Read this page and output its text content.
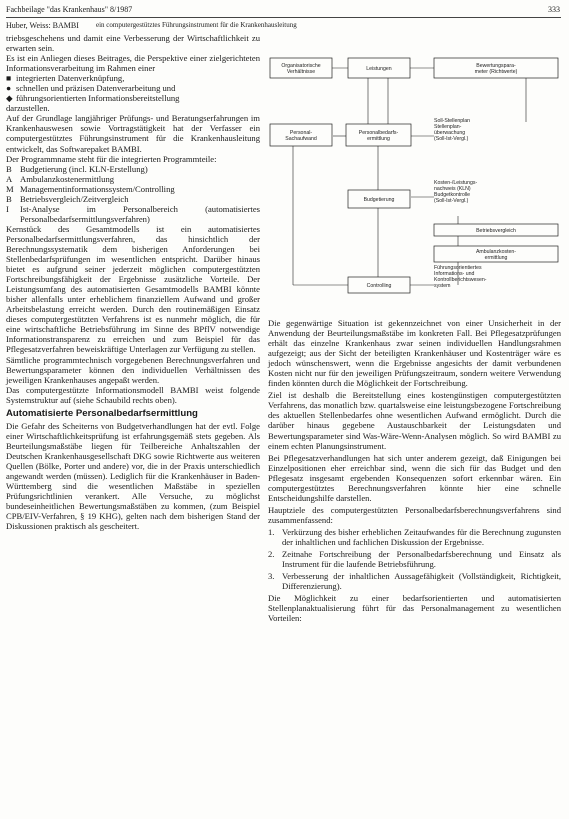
Fachbeilage "das Krankenhaus" 8/1987	333
Huber, Weiss: BAMBI ein computergestütztes Führungsinstrument für die Krankenhausleitung

triebsgeschehens und damit eine Verbesserung der Wirtschaftlichkeit zu erwarten sein.

Es ist ein Anliegen dieses Beitrages, die Perspektive einer zielgerichteten Informationsverarbeitung im Rahmen einer

■ integrierten Datenverknüpfung,
● schnellen und präzisen Datenverarbeitung und
◆ führungsorientierten Informationsbereitstellung

darzustellen.

Auf der Grundlage langjähriger Prüfungs- und Beratungserfahrungen im Krankenhauswesen sowie Vortragstätigkeit hat der Verfasser ein computergestütztes Führungsinstrument für die Krankenhausleitung entwickelt, das Softwarepaket BAMBI.

Der Programmname steht für die integrierten Programmteile:

B Budgetierung (incl. KLN-Erstellung)
A Ambulanzkostenermittlung
M Managementinformationssystem/Controlling
B Betriebsvergleich/Zeitvergleich
I	Ist-Analyse im Personalbereich (automatisiertes Personalbedarfsermittlungsverfahren)

Kernstück des Gesamtmodells ist ein automatisiertes Personalbedarfsermittlungsverfahren, das hinsichtlich der Berechnungssystematik dem bisherigen Anforderungen bei Stellenbedarfsprüfungen im wesentlichen entspricht. Darüber hinaus bietet es aufgrund seiner jederzeit möglichen computergestützten Fortschreibungsfähigkeit der Ergebnisse zusätzliche Vorteile. Der Leistungsumfang des automatisierten Gesamtmodells BAMBI könnte bisher allenfalls unter erheblichem finanziellem Aufwand und großer Arbeitsbelastung erreicht werden. Durch den routinemäßigen Einsatz dieses computergestützten Verfahrens ist es nunmehr möglich, die für eine wirtschaftliche Betriebsführung im Sinne des BPflV notwendige Informationstransparenz zu erreichen und zum Beispiel für das Pflegesatzverfahren beweiskräftige Unterlagen zur Verfügung zu stellen.

Sämtliche programmtechnisch vorgegebenen Berechnungsverfahren und Bewertungsparameter können den individuellen Verhältnissen des jeweiligen Krankenhauses angepaßt werden.

Das computergestützte Informationsmodell BAMBI weist folgende Systemstruktur auf (siehe Schaubild rechts oben).

Automatisierte Personalbedarfsermittlung

Die Gefahr des Scheiterns von Budgetverhandlungen hat der evtl. Folge einer Wirtschaftlichkeitsprüfung ist erfahrungsgemäß stets gegeben. Als Beurteilungsmaßstäbe liegen für Teilbereiche Anhaltszahlen der Deutschen Krankenhausgesellschaft DKG sowie Richtwerte aus weiteren Quellen (Bölke, Porter und andere) vor, die in der Praxis unterschiedlich angewandt werden (müssen). Lediglich für die Krankenhäuser in Baden-Württemberg sind die wesentlichen Maßstäbe in speziellen Prüfungsrichtlinien verankert. Alle Versuche, zu möglichst bundeseinheitlichen Bewertungsmaßstäben zu kommen, (zum Beispiel CPB/EIV-Verfahren, § 19 KHG), gelten nach dem bisherigen Stand der Diskussionen praktisch als gescheitert.

Organisatorische
Verhältnisse	Leistungen	Bewertungspara-
meter (Richtwerte)
Personal-
Sachaufwand
Personalbedarfs-
ermittlung
Budgetierung
Betriebsvergleich
Ambulanzkosten-
ermittlung
Controlling
Soll-Stellenplan
Stellenplan-
überwachung
(Soll-Ist-Vergl.)
Kosten-/Leistungs-
nachweis (KLN)
Budgetkontrolle
(Soll-Ist-Vergl.)
Führungsorientiertes
Informations- und
Kontrollberichtswesen-
system

Die gegenwärtige Situation ist gekennzeichnet von einer Unsicherheit in der Anwendung der Beurteilungsmaßstäbe im konkreten Fall. Bei Pflegesatzprüfungen erhält das einzelne Krankenhaus zwar seinen individuellen Handlungsrahmen aufgezeigt; aus der Sicht der beteiligten Krankenhäuser und Kostenträger wäre es jedoch wünschenswert, wenn die Ergebnisse angesichts der damit verbundenen Kosten nicht nur für den jeweiligen Prüfungszeitraum, sondern weitere Verwendung finden könnten durch die Möglichkeit der Fortschreibung.

Ziel ist deshalb die Bereitstellung eines kostengünstigen computergestützten Verfahrens, das monatlich bzw. quartalsweise eine leistungsbezogene Fortschreibung des aktuellen Stellenbedarfes ohne wesentlichen Aufwand ermöglicht. Durch die darüber hinaus gegebene Austauschbarkeit der Leistungsdaten und Bewertungsparameter sind Was-Wäre-Wenn-Analysen möglich. So wird BAMBI zu einem echten Planungsinstrument.

Bei Pflegesatzverhandlungen hat sich unter anderem gezeigt, daß Einigungen bei Einzelpositionen eher erreichbar sind, wenn die sich für das Budget und den Pflegesatz insgesamt ergebenden Konsequenzen sofort erkennbar wären. Ein computergestütztes Berechnungsverfahren könnte hier eine schnelle Entscheidungshilfe darstellen.

Hauptziele des computergestützten Personalbedarfsberechnungsverfahrens sind zusammenfassend:

1. Verkürzung des bisher erheblichen Zeitaufwandes für die Berechnung zugunsten der inhaltlichen und fachlichen Diskussion der Ergebnisse.
2. Zeitnahe Fortschreibung der Personalbedarfsberechnung und Einsatz als Instrument für die laufende Betriebsführung.
3. Verbesserung der inhaltlichen Aussagefähigkeit (Vollständigkeit, Richtigkeit, Differenzierung).

Die Möglichkeit zu einer bedarfsorientierten und automatisierten Stellenplanaktualisierung führt für das Personalmanagement zu wesentlichen Vorteilen:
